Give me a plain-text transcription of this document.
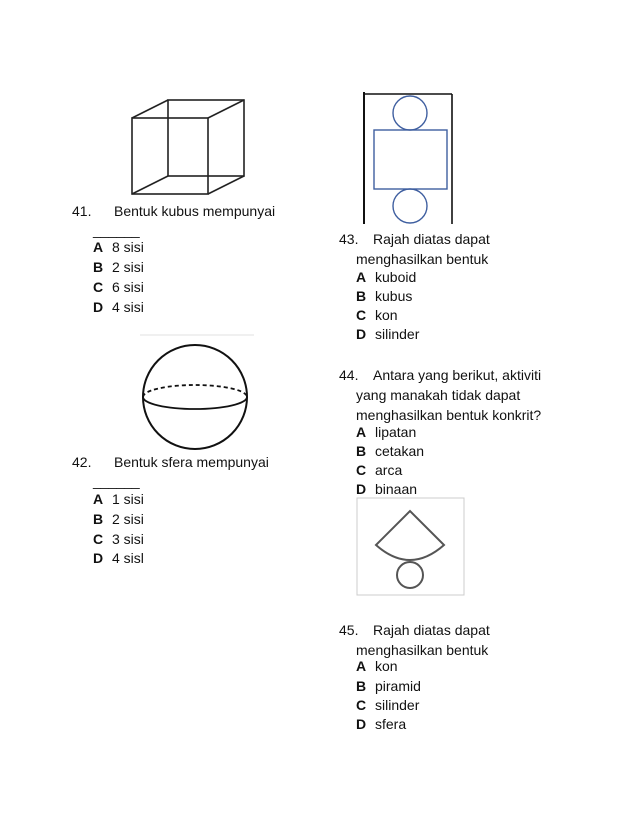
41. Bentuk kubus mempunyai
______
A 8 sisi
B 2 sisi
C 6 sisi
D 4 sisi
42. Bentuk sfera mempunyai
______
A 1 sisi
B 2 sisi
C 3 sisi
D 4 sisl
43. Rajah diatas dapat
menghasilkan bentuk
A kuboid
B kubus
C kon
D silinder
44. Antara yang berikut, aktiviti
yang manakah tidak dapat
menghasilkan bentuk konkrit?
A lipatan
B cetakan
C arca
D binaan
45. Rajah diatas dapat
menghasilkan bentuk
A kon
B piramid
C silinder
D sfera
